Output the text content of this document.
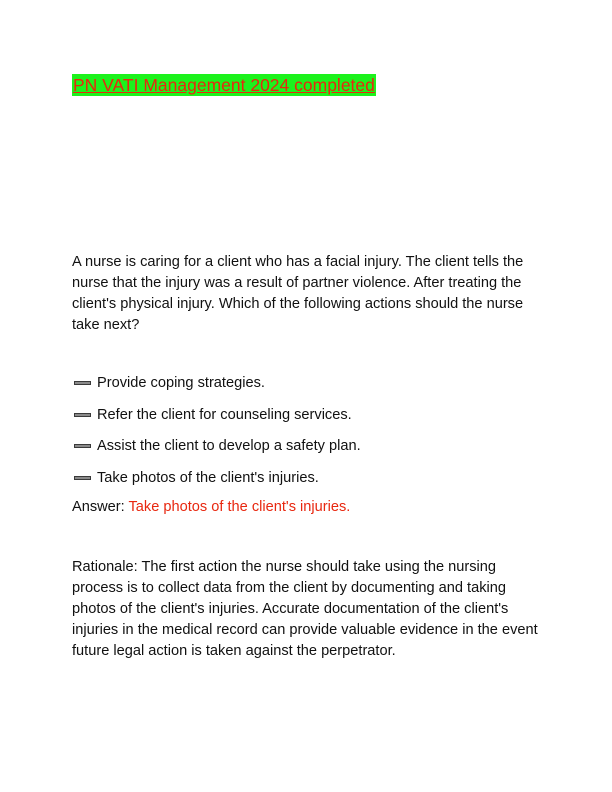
PN VATI Management 2024 completed
A nurse is caring for a client who has a facial injury. The client tells the nurse that the injury was a result of partner violence. After treating the client's physical injury. Which of the following actions should the nurse take next?
Provide coping strategies.
Refer the client for counseling services.
Assist the client to develop a safety plan.
Take photos of the client's injuries.
Answer: Take photos of the client's injuries.
Rationale: The first action the nurse should take using the nursing process is to collect data from the client by documenting and taking photos of the client's injuries. Accurate documentation of the client's injuries in the medical record can provide valuable evidence in the event future legal action is taken against the perpetrator.
